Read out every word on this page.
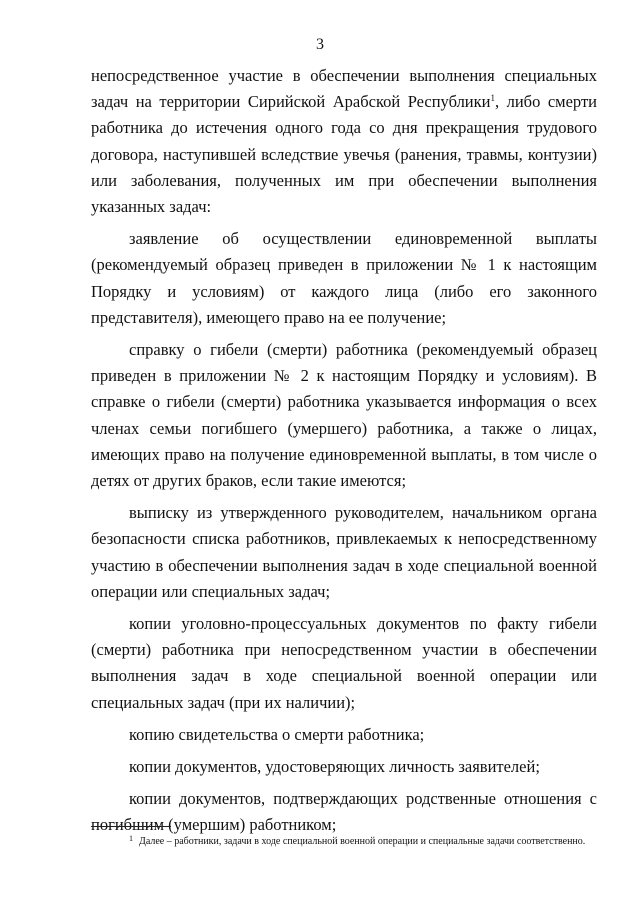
3

непосредственное участие в обеспечении выполнения специальных задач на территории Сирийской Арабской Республики$^1$, либо смерти работника до истечения одного года со дня прекращения трудового договора, наступившей вследствие увечья (ранения, травмы, контузии) или заболевания, полученных им при обеспечении выполнения указанных задач:

заявление об осуществлении единовременной выплаты (рекомендуемый образец приведен в приложении № 1 к настоящим Порядку и условиям) от каждого лица (либо его законного представителя), имеющего право на ее получение;

справку о гибели (смерти) работника (рекомендуемый образец приведен в приложении № 2 к настоящим Порядку и условиям). В справке о гибели (смерти) работника указывается информация о всех членах семьи погибшего (умершего) работника, а также о лицах, имеющих право на получение единовременной выплаты, в том числе о детях от других браков, если такие имеются;

выписку из утвержденного руководителем, начальником органа безопасности списка работников, привлекаемых к непосредственному участию в обеспечении выполнения задач в ходе специальной военной операции или специальных задач;

копии уголовно-процессуальных документов по факту гибели (смерти) работника при непосредственном участии в обеспечении выполнения задач в ходе специальной военной операции или специальных задач (при их наличии);

копию свидетельства о смерти работника;

копии документов, удостоверяющих личность заявителей;

копии документов, подтверждающих родственные отношения с погибшим (умершим) работником;

1 Далее – работники, задачи в ходе специальной военной операции и специальные задачи соответственно.
